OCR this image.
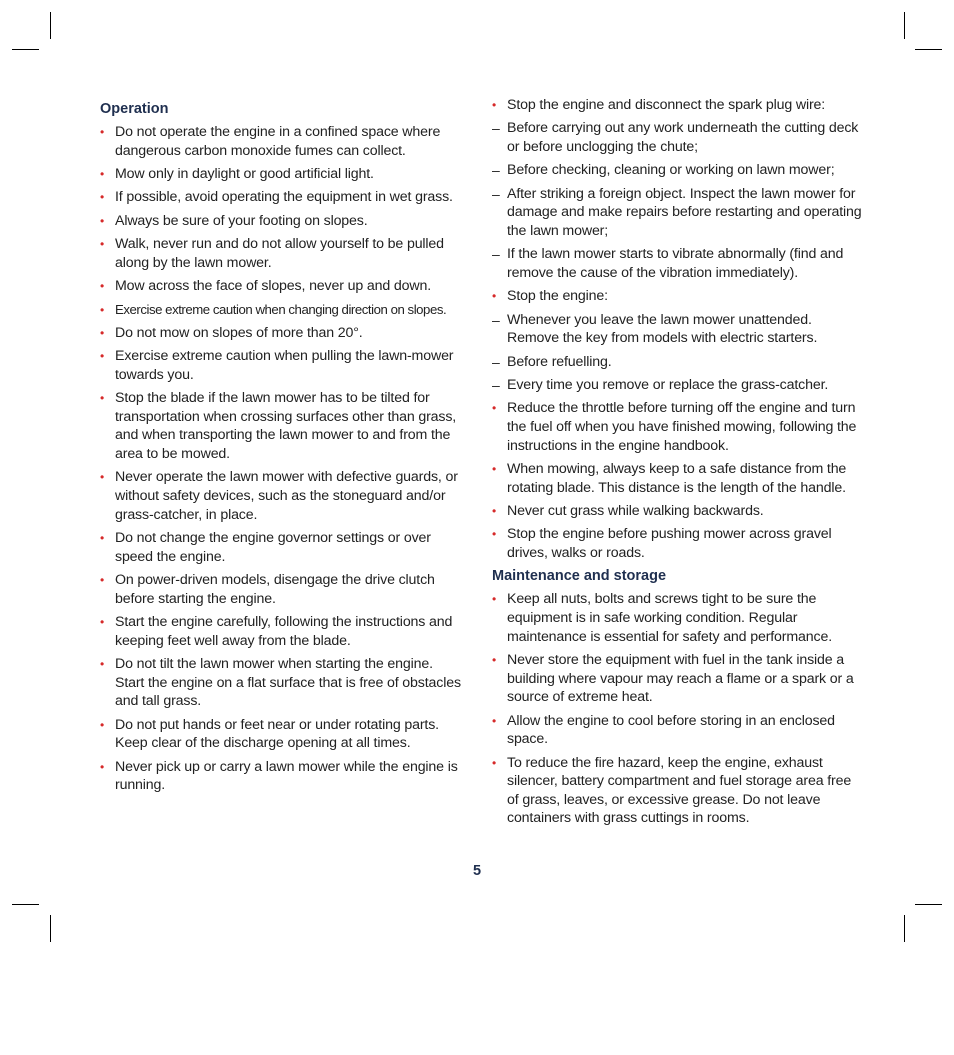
Operation
• Do not operate the engine in a confined space where dangerous carbon monoxide fumes can collect.
• Mow only in daylight or good artificial light.
• If possible, avoid operating the equipment in wet grass.
• Always be sure of your footing on slopes.
• Walk, never run and do not allow yourself to be pulled along by the lawn mower.
• Mow across the face of slopes, never up and down.
• Exercise extreme caution when changing direction on slopes.
• Do not mow on slopes of more than 20°.
• Exercise extreme caution when pulling the lawn-mower towards you.
• Stop the blade if the lawn mower has to be tilted for transportation when crossing surfaces other than grass, and when transporting the lawn mower to and from the area to be mowed.
• Never operate the lawn mower with defective guards, or without safety devices, such as the stoneguard and/or grass-catcher, in place.
• Do not change the engine governor settings or over speed the engine.
• On power-driven models, disengage the drive clutch before starting the engine.
• Start the engine carefully, following the instructions and keeping feet well away from the blade.
• Do not tilt the lawn mower when starting the engine. Start the engine on a flat surface that is free of obstacles and tall grass.
• Do not put hands or feet near or under rotating parts. Keep clear of the discharge opening at all times.
• Never pick up or carry a lawn mower while the engine is running.
• Stop the engine and disconnect the spark plug wire:
– Before carrying out any work underneath the cutting deck or before unclogging the chute;
– Before checking, cleaning or working on lawn mower;
– After striking a foreign object. Inspect the lawn mower for damage and make repairs before restarting and operating the lawn mower;
– If the lawn mower starts to vibrate abnormally (find and remove the cause of the vibration immediately).
• Stop the engine:
– Whenever you leave the lawn mower unattended. Remove the key from models with electric starters.
– Before refuelling.
– Every time you remove or replace the grass-catcher.
• Reduce the throttle before turning off the engine and turn the fuel off when you have finished mowing, following the instructions in the engine handbook.
• When mowing, always keep to a safe distance from the rotating blade. This distance is the length of the handle.
• Never cut grass while walking backwards.
• Stop the engine before pushing mower across gravel drives, walks or roads.
Maintenance and storage
• Keep all nuts, bolts and screws tight to be sure the equipment is in safe working condition. Regular maintenance is essential for safety and performance.
• Never store the equipment with fuel in the tank inside a building where vapour may reach a flame or a spark or a source of extreme heat.
• Allow the engine to cool before storing in an enclosed space.
• To reduce the fire hazard, keep the engine, exhaust silencer, battery compartment and fuel storage area free of grass, leaves, or excessive grease. Do not leave containers with grass cuttings in rooms.
5
